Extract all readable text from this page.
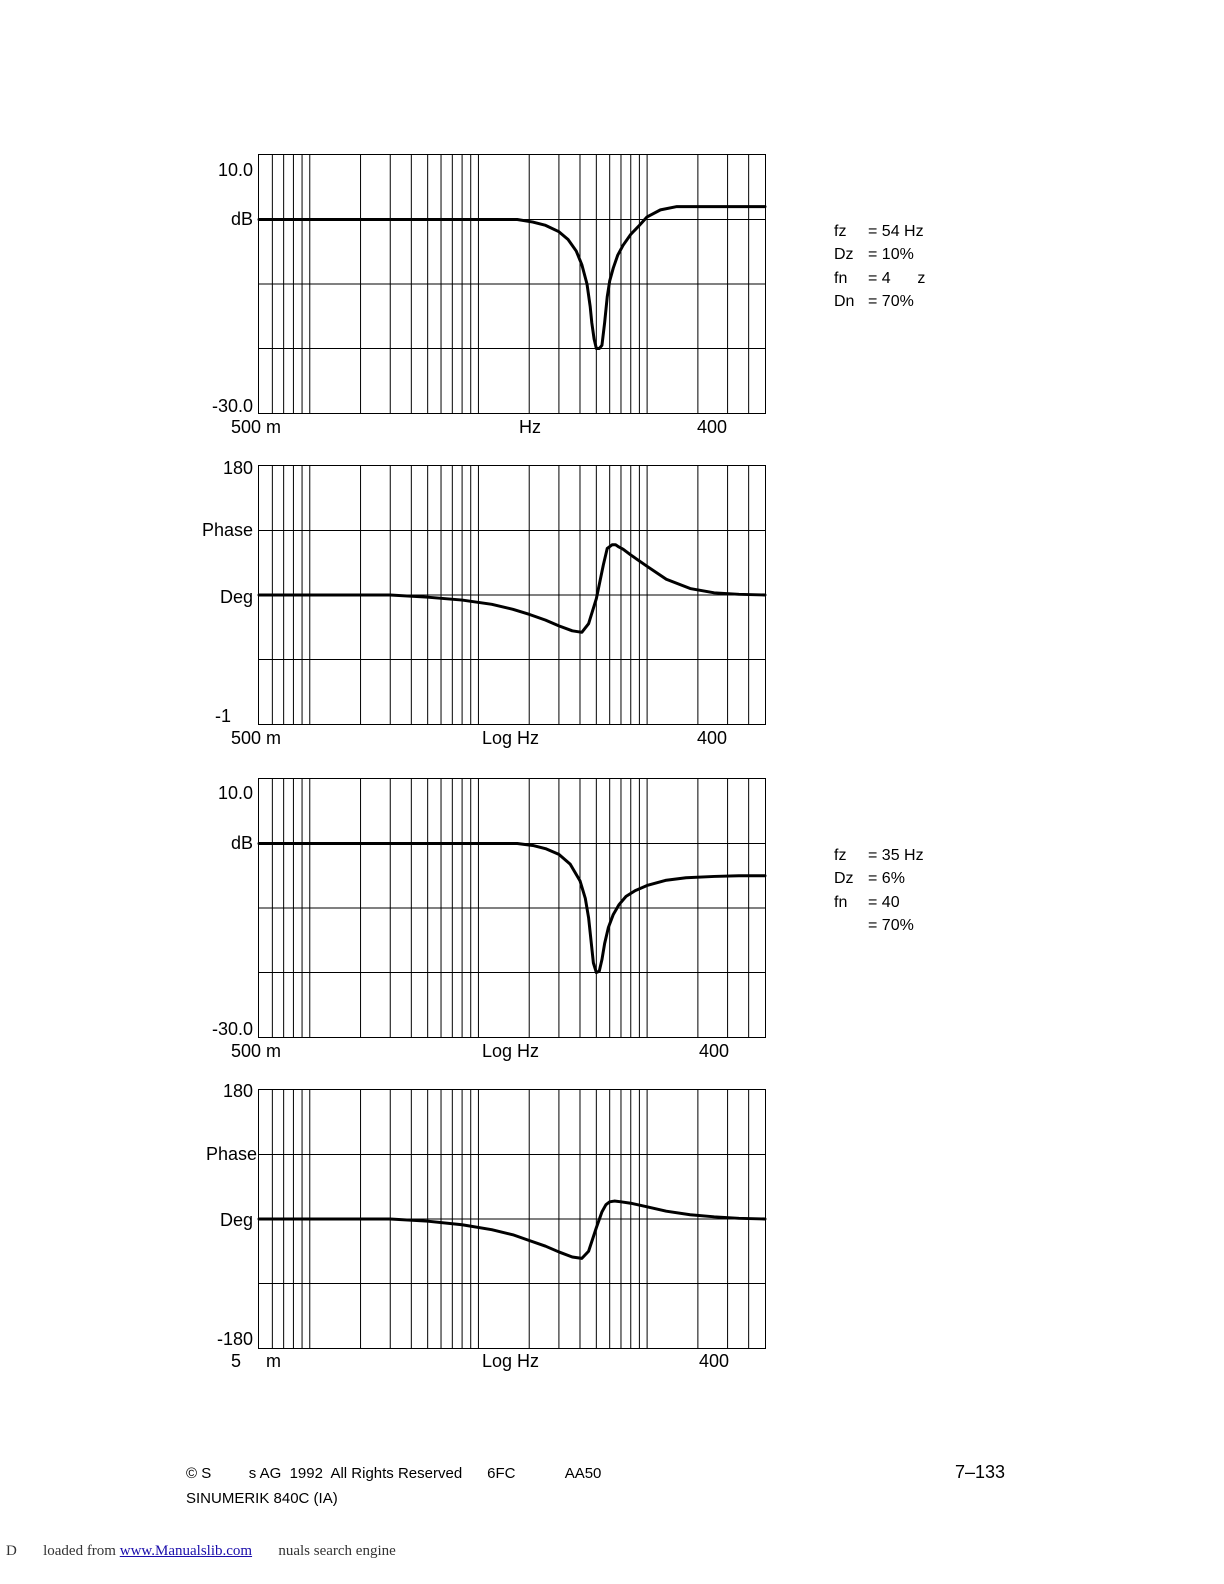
10.0
dB
-30.0
500 m	Hz	400
180
Phase
Deg
-1
500 m	Log Hz	400
10.0
dB
-30.0
500 m	Log Hz	400
180
Phase
Deg
-180
5     m	Log Hz	400
fz = 54 Hz
Dz = 10%
fn = 4      z
Dn = 70%
fz = 35 Hz
Dz = 6%
fn = 40
= 70%
© S         s AG  1992  All Rights Reserved      6FC            AA50
SINUMERIK 840C (IA)
7–133
D       loaded from www.Manualslib.com       nuals search engine
